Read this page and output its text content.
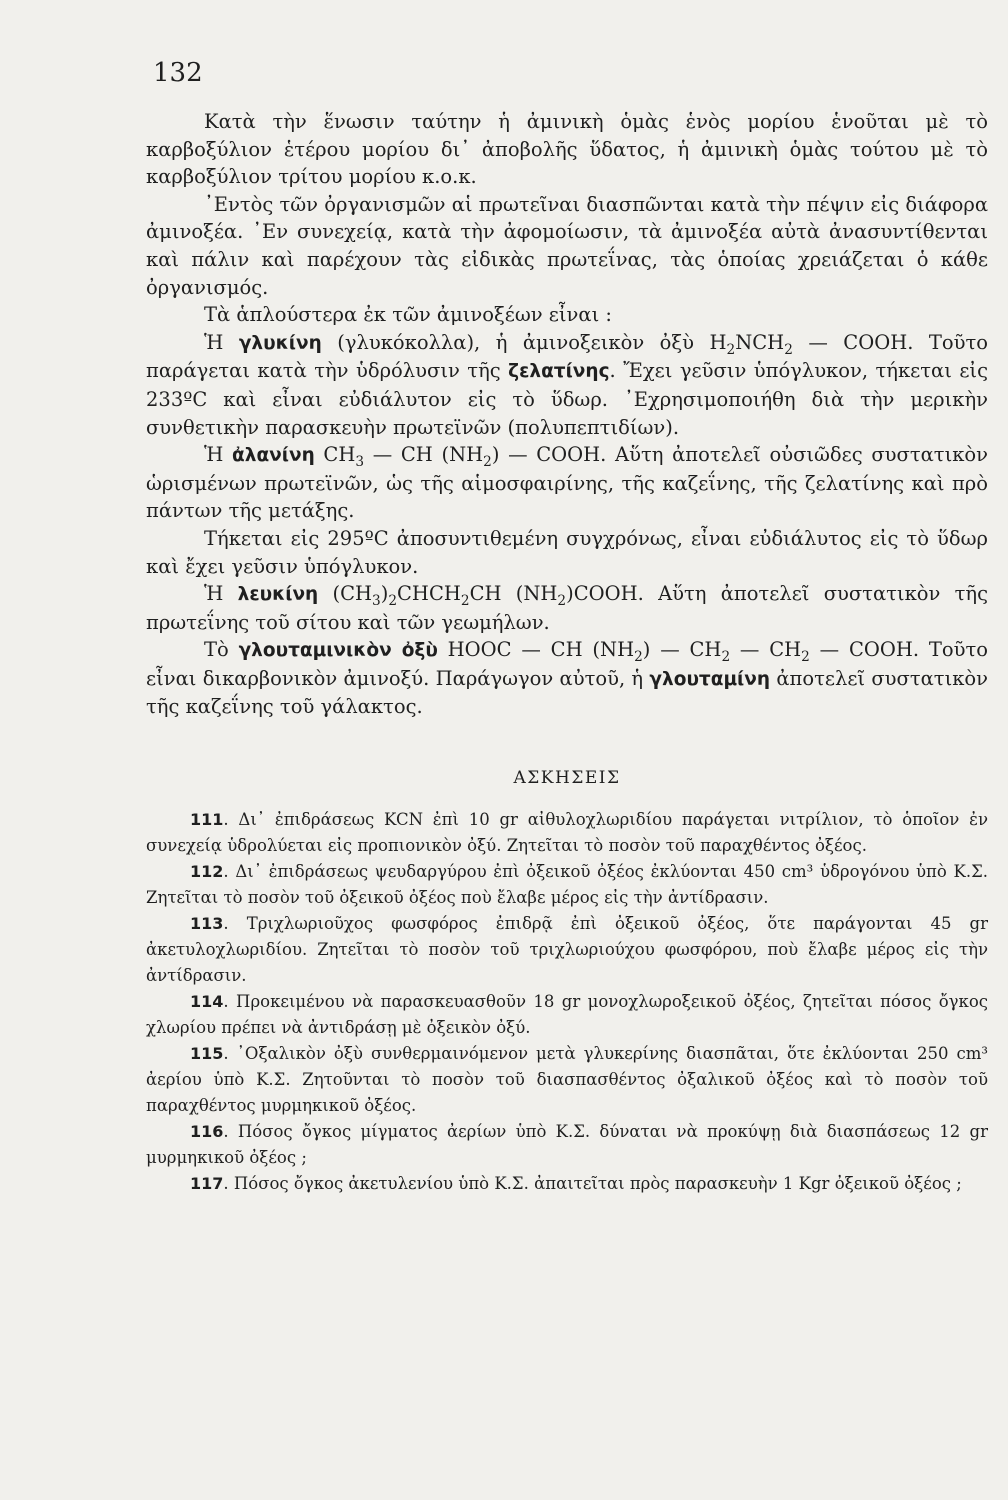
132

Κατὰ τὴν ἕνωσιν ταύτην ἡ ἀμινικὴ ὁμὰς ἑνὸς μορίου ἑνοῦται μὲ τὸ καρβοξύλιον ἑτέρου μορίου δι᾽ ἀποβολῆς ὕδατος, ἡ ἀμινικὴ ὁμὰς τούτου μὲ τὸ καρβοξύλιον τρίτου μορίου κ.ο.κ.

᾽Εντὸς τῶν ὀργανισμῶν αἱ πρωτεῖναι διασπῶνται κατὰ τὴν πέψιν εἰς διάφορα ἀμινοξέα. ᾽Εν συνεχείᾳ, κατὰ τὴν ἀφομοίωσιν, τὰ ἀμινοξέα αὐτὰ ἀνασυντίθενται καὶ πάλιν καὶ παρέχουν τὰς εἰδικὰς πρωτεΐνας, τὰς ὁποίας χρειάζεται ὁ κάθε ὀργανισμός.

Τὰ ἁπλούστερα ἐκ τῶν ἀμινοξέων εἶναι :

Ἡ γλυκίνη (γλυκόκολλα), ἡ ἀμινοξεικὸν ὀξὺ $H_2NCH_2$ — COOH. Τοῦτο παράγεται κατὰ τὴν ὑδρόλυσιν τῆς ζελατίνης. Ἔχει γεῦσιν ὑπόγλυκον, τήκεται εἰς 233ºC καὶ εἶναι εὐδιάλυτον εἰς τὸ ὕδωρ. ᾽Εχρησιμοποιήθη διὰ τὴν μερικὴν συνθετικὴν παρασκευὴν πρωτεϊνῶν (πολυπεπτιδίων).

Ἡ ἀλανίνη $CH_3$ — CH $(NH_2)$ — COOH. Αὕτη ἀποτελεῖ οὐσιῶδες συστατικὸν ὡρισμένων πρωτεϊνῶν, ὡς τῆς αἱμοσφαιρίνης, τῆς καζεΐνης, τῆς ζελατίνης καὶ πρὸ πάντων τῆς μετάξης.

Τήκεται εἰς 295ºC ἀποσυντιθεμένη συγχρόνως, εἶναι εὐδιάλυτος εἰς τὸ ὕδωρ καὶ ἔχει γεῦσιν ὑπόγλυκον.

Ἡ λευκίνη $(CH_3)_2CHCH_2CH$ $(NH_2)COOH$. Αὕτη ἀποτελεῖ συστατικὸν τῆς πρωτεΐνης τοῦ σίτου καὶ τῶν γεωμήλων.

Τὸ γλουταμινικὸν ὀξὺ HOOC — CH $(NH_2)$ — $CH_2$ — $CH_2$ — COOH. Τοῦτο εἶναι δικαρβονικὸν ἀμινοξύ. Παράγωγον αὐτοῦ, ἡ γλουταμίνη ἀποτελεῖ συστατικὸν τῆς καζεΐνης τοῦ γάλακτος.

ΑΣΚΗΣΕΙΣ

111. Δι᾽ ἐπιδράσεως KCN ἐπὶ 10 gr αἰθυλοχλωριδίου παράγεται νιτρίλιον, τὸ ὁποῖον ἐν συνεχείᾳ ὑδρολύεται εἰς προπιονικὸν ὀξύ. Ζητεῖται τὸ ποσὸν τοῦ παραχθέντος ὀξέος.

112. Δι᾽ ἐπιδράσεως ψευδαργύρου ἐπὶ ὀξεικοῦ ὀξέος ἐκλύονται 450 cm³ ὑδρογόνου ὑπὸ Κ.Σ. Ζητεῖται τὸ ποσὸν τοῦ ὀξεικοῦ ὀξέος ποὺ ἔλαβε μέρος εἰς τὴν ἀντίδρασιν.

113. Τριχλωριοῦχος φωσφόρος ἐπιδρᾷ ἐπὶ ὀξεικοῦ ὀξέος, ὅτε παράγονται 45 gr ἀκετυλοχλωριδίου. Ζητεῖται τὸ ποσὸν τοῦ τριχλωριούχου φωσφόρου, ποὺ ἔλαβε μέρος εἰς τὴν ἀντίδρασιν.

114. Προκειμένου νὰ παρασκευασθοῦν 18 gr μονοχλωροξεικοῦ ὀξέος, ζητεῖται πόσος ὄγκος χλωρίου πρέπει νὰ ἀντιδράσῃ μὲ ὀξεικὸν ὀξύ.

115. ᾽Οξαλικὸν ὀξὺ συνθερμαινόμενον μετὰ γλυκερίνης διασπᾶται, ὅτε ἐκλύονται 250 cm³ ἀερίου ὑπὸ Κ.Σ. Ζητοῦνται τὸ ποσὸν τοῦ διασπασθέντος ὀξαλικοῦ ὀξέος καὶ τὸ ποσὸν τοῦ παραχθέντος μυρμηκικοῦ ὀξέος.

116. Πόσος ὄγκος μίγματος ἀερίων ὑπὸ Κ.Σ. δύναται νὰ προκύψῃ διὰ διασπάσεως 12 gr μυρμηκικοῦ ὀξέος ;

117. Πόσος ὄγκος ἀκετυλενίου ὑπὸ Κ.Σ. ἀπαιτεῖται πρὸς παρασκευὴν 1 Kgr ὀξεικοῦ ὀξέος ;
